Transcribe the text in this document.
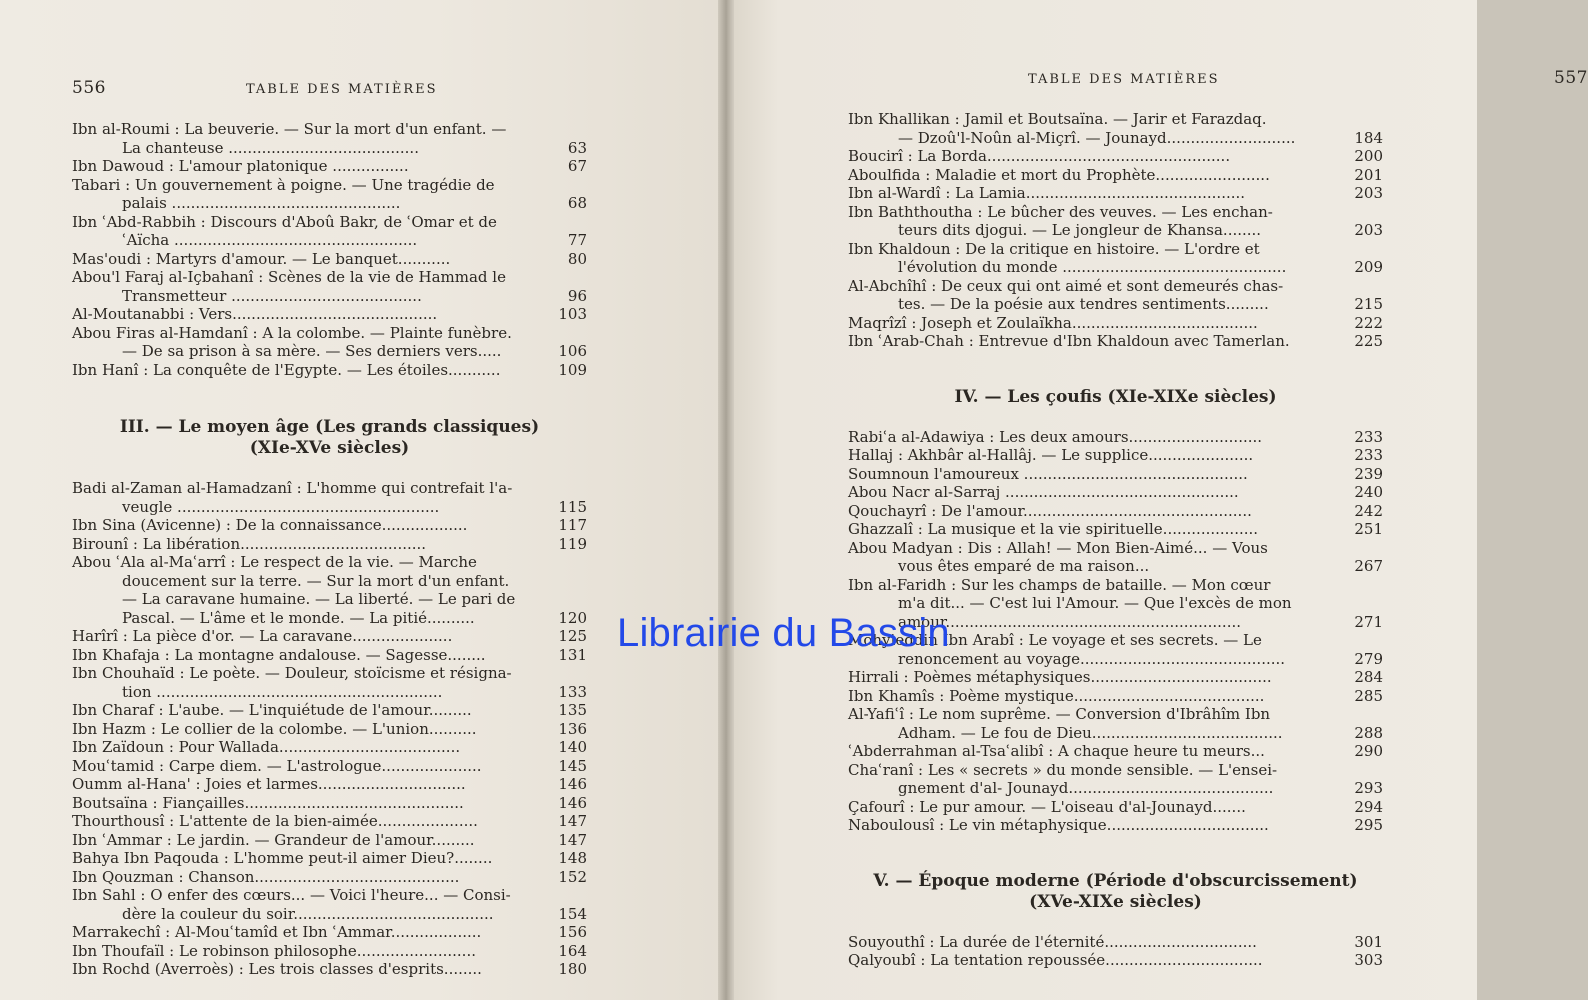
556	TABLE DES MATIÈRES
Ibn al-Roumi : La beuverie. — Sur la mort d'un enfant. —
La chanteuse ........................................	63
Ibn Dawoud : L'amour platonique ................	67
Tabari : Un gouvernement à poigne. — Une tragédie de
palais ................................................	68
Ibn ʿAbd-Rabbih : Discours d'Aboû Bakr, de ʿOmar et de
ʿAïcha ...................................................	77
Mas'oudi : Martyrs d'amour. — Le banquet...........	80
Abou'l Faraj al-Içbahanî : Scènes de la vie de Hammad le
Transmetteur ........................................	96
Al-Moutanabbi : Vers...........................................	103
Abou Firas al-Hamdanî : A la colombe. — Plainte funèbre.
— De sa prison à sa mère. — Ses derniers vers.....	106
Ibn Hanî : La conquête de l'Egypte. — Les étoiles...........	109
III. — Le moyen âge (Les grands classiques)
(XIe-XVe siècles)
Badi al-Zaman al-Hamadzanî : L'homme qui contrefait l'a-
veugle .......................................................	115
Ibn Sina (Avicenne) : De la connaissance..................	117
Birounî : La libération.......................................	119
Abou ʿAla al-Maʿarrî : Le respect de la vie. — Marche
doucement sur la terre. — Sur la mort d'un enfant.
— La caravane humaine. — La liberté. — Le pari de
Pascal. — L'âme et le monde. — La pitié..........	120
Harîrî : La pièce d'or. — La caravane.....................	125
Ibn Khafaja : La montagne andalouse. — Sagesse........	131
Ibn Chouhaïd : Le poète. — Douleur, stoïcisme et résigna-
tion ............................................................	133
Ibn Charaf : L'aube. — L'inquiétude de l'amour.........	135
Ibn Hazm : Le collier de la colombe. — L'union..........	136
Ibn Zaïdoun : Pour Wallada......................................	140
Mouʿtamid : Carpe diem. — L'astrologue.....................	145
Oumm al-Hana' : Joies et larmes...............................	146
Boutsaïna : Fiançailles..............................................	146
Thourthousî : L'attente de la bien-aimée.....................	147
Ibn ʿAmmar : Le jardin. — Grandeur de l'amour.........	147
Bahya Ibn Paqouda : L'homme peut-il aimer Dieu?........	148
Ibn Qouzman : Chanson...........................................	152
Ibn Sahl : O enfer des cœurs... — Voici l'heure... — Consi-
dère la couleur du soir..........................................	154
Marrakechî : Al-Mouʿtamîd et Ibn ʿAmmar...................	156
Ibn Thoufaïl : Le robinson philosophe.........................	164
Ibn Rochd (Averroès) : Les trois classes d'esprits........	180
TABLE DES MATIÈRES	557
Ibn Khallikan : Jamil et Boutsaïna. — Jarir et Farazdaq.
— Dzoû'l-Noûn al-Miçrî. — Jounayd...........................	184
Boucirî : La Borda...................................................	200
Aboulfida : Maladie et mort du Prophète........................	201
Ibn al-Wardî : La Lamia..............................................	203
Ibn Baththoutha : Le bûcher des veuves. — Les enchan-
teurs dits djogui. — Le jongleur de Khansa........	203
Ibn Khaldoun : De la critique en histoire. — L'ordre et
l'évolution du monde ...............................................	209
Al-Abchîhî : De ceux qui ont aimé et sont demeurés chas-
tes. — De la poésie aux tendres sentiments.........	215
Maqrîzî : Joseph et Zoulaïkha.......................................	222
Ibn ʿArab-Chah : Entrevue d'Ibn Khaldoun avec Tamerlan.	225
IV. — Les çoufis (XIe-XIXe siècles)
Rabiʿa al-Adawiya : Les deux amours............................	233
Hallaj : Akhbâr al-Hallâj. — Le supplice......................	233
Soumnoun l'amoureux ...............................................	239
Abou Nacr al-Sarraj .................................................	240
Qouchayrî : De l'amour................................................	242
Ghazzalî : La musique et la vie spirituelle....................	251
Abou Madyan : Dis : Allah! — Mon Bien-Aimé... — Vous
vous êtes emparé de ma raison...	267
Ibn al-Faridh : Sur les champs de bataille. — Mon cœur
m'a dit... — C'est lui l'Amour. — Que l'excès de mon
amour..............................................................	271
Mohyieddin Ibn Arabî : Le voyage et ses secrets. — Le
renoncement au voyage...........................................	279
Hirrali : Poèmes métaphysiques......................................	284
Ibn Khamîs : Poème mystique........................................	285
Al-Yafiʿî : Le nom suprême. — Conversion d'Ibrâhîm Ibn
Adham. — Le fou de Dieu........................................	288
ʿAbderrahman al-Tsaʿalibî : A chaque heure tu meurs...	290
Chaʿranî : Les « secrets » du monde sensible. — L'ensei-
gnement d'al- Jounayd...........................................	293
Çafourî : Le pur amour. — L'oiseau d'al-Jounayd.......	294
Naboulousî : Le vin métaphysique..................................	295
V. — Époque moderne (Période d'obscurcissement)
(XVe-XIXe siècles)
Souyouthî : La durée de l'éternité................................	301
Qalyoubî : La tentation repoussée.................................	303
Librairie du Bassin
